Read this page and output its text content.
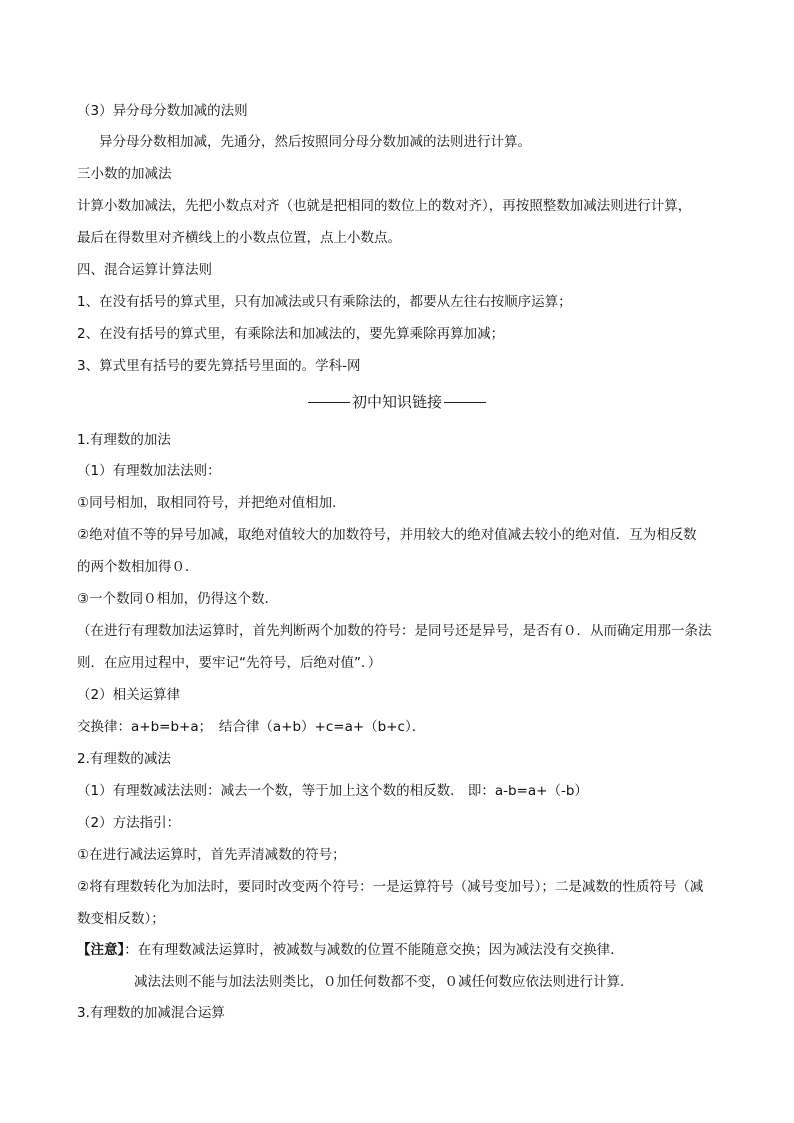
（3）异分母分数加减的法则
异分母分数相加减，先通分，然后按照同分母分数加减的法则进行计算。
三小数的加减法
计算小数加减法，先把小数点对齐（也就是把相同的数位上的数对齐），再按照整数加减法则进行计算，
最后在得数里对齐横线上的小数点位置，点上小数点。
四、混合运算计算法则
1、在没有括号的算式里，只有加减法或只有乘除法的，都要从左往右按顺序运算；
2、在没有括号的算式里，有乘除法和加减法的，要先算乘除再算加减；
3、算式里有括号的要先算括号里面的。学科-网
初中知识链接
1.有理数的加法
（1）有理数加法法则：
①同号相加，取相同符号，并把绝对值相加．
②绝对值不等的异号加减，取绝对值较大的加数符号，并用较大的绝对值减去较小的绝对值．互为相反数
的两个数相加得０．
③一个数同０相加，仍得这个数．
（在进行有理数加法运算时，首先判断两个加数的符号：是同号还是异号，是否有０．从而确定用那一条法
则．在应用过程中，要牢记“先符号，后绝对值”．）
（2）相关运算律
交换律：a+b=b+a；　结合律（a+b）+c=a+（b+c）．
2.有理数的减法
（1）有理数减法法则：减去一个数，等于加上这个数的相反数． 即：a-b=a+（-b）
（2）方法指引：
①在进行减法运算时，首先弄清减数的符号；
②将有理数转化为加法时，要同时改变两个符号：一是运算符号（减号变加号）；二是减数的性质符号（减
数变相反数）；
【注意】：在有理数减法运算时，被减数与减数的位置不能随意交换；因为减法没有交换律．
减法法则不能与加法法则类比，０加任何数都不变，０减任何数应依法则进行计算．
3.有理数的加减混合运算
